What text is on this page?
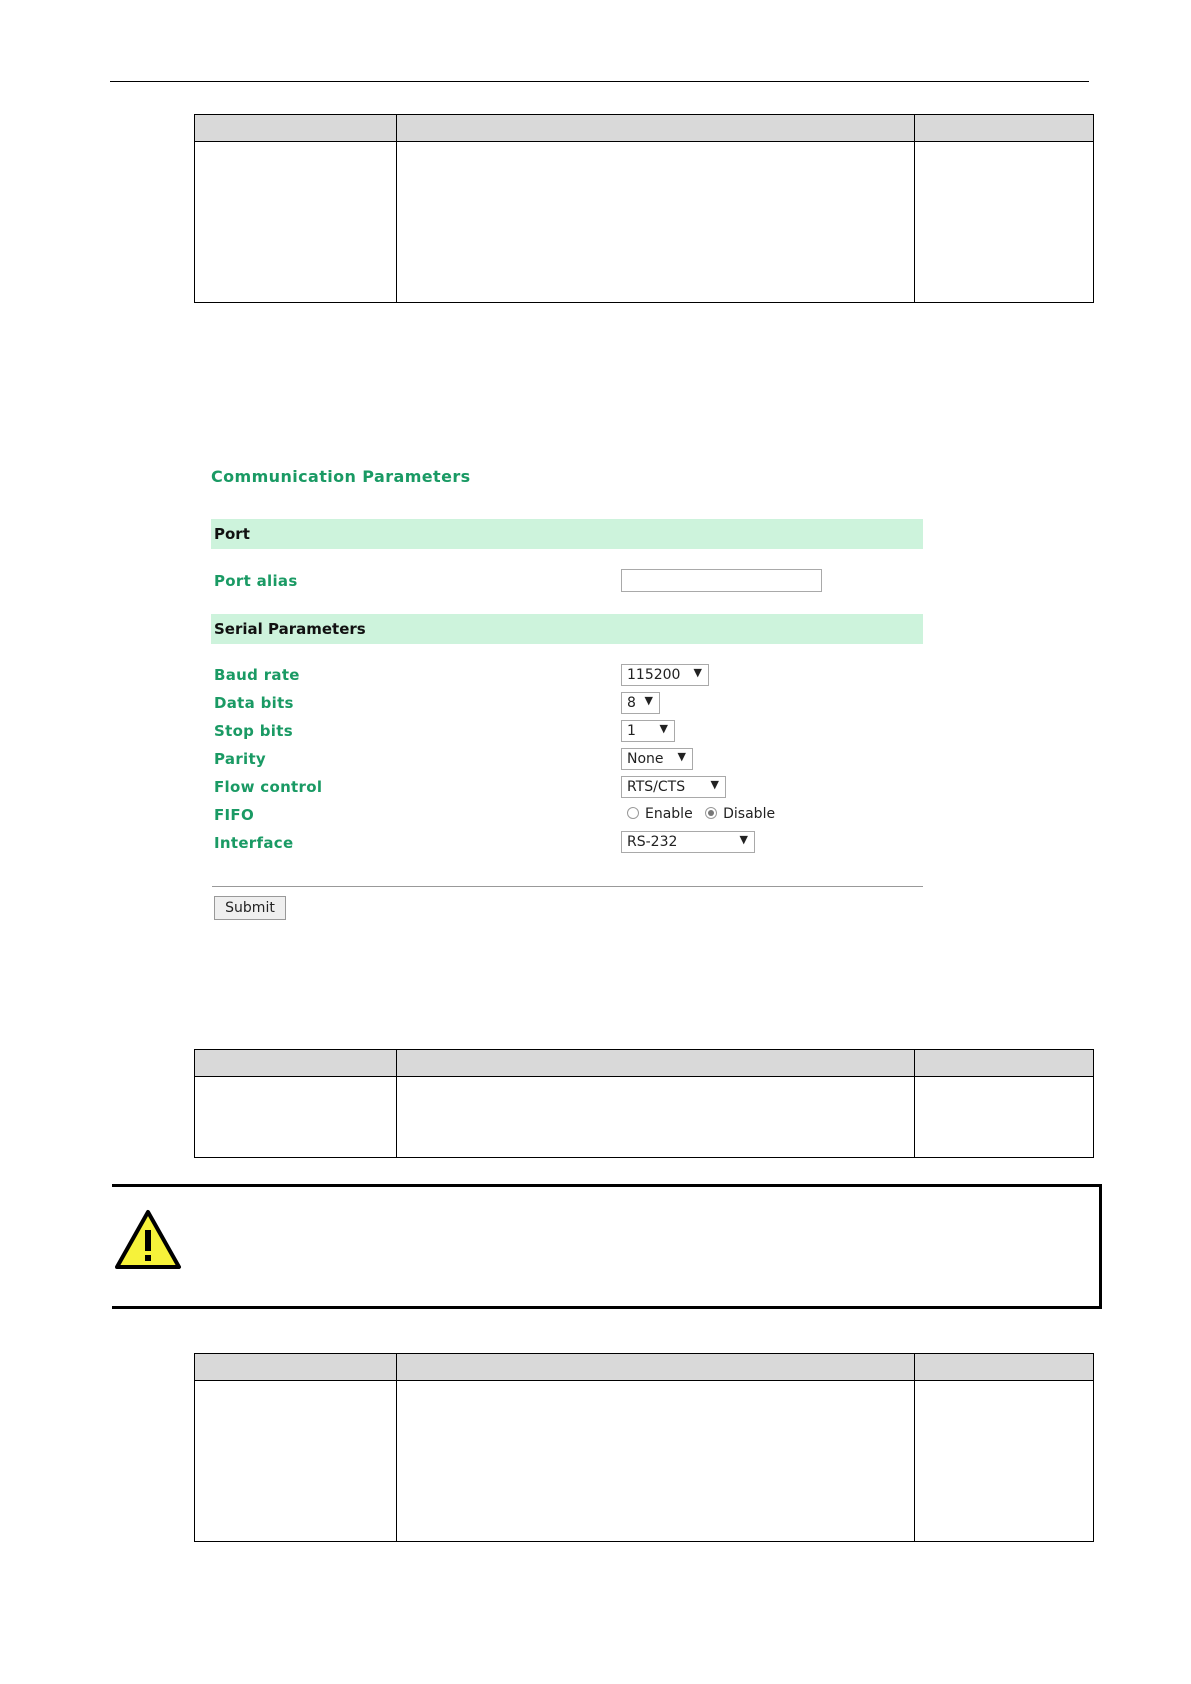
Communication Parameters
Port
Port alias
Serial Parameters
Baud rate	115200 ▼
Data bits	8 ▼
Stop bits	1 ▼
Parity	None ▼
Flow control	RTS/CTS ▼
FIFO	Enable Disable
Interface	RS-232	▼
Submit
